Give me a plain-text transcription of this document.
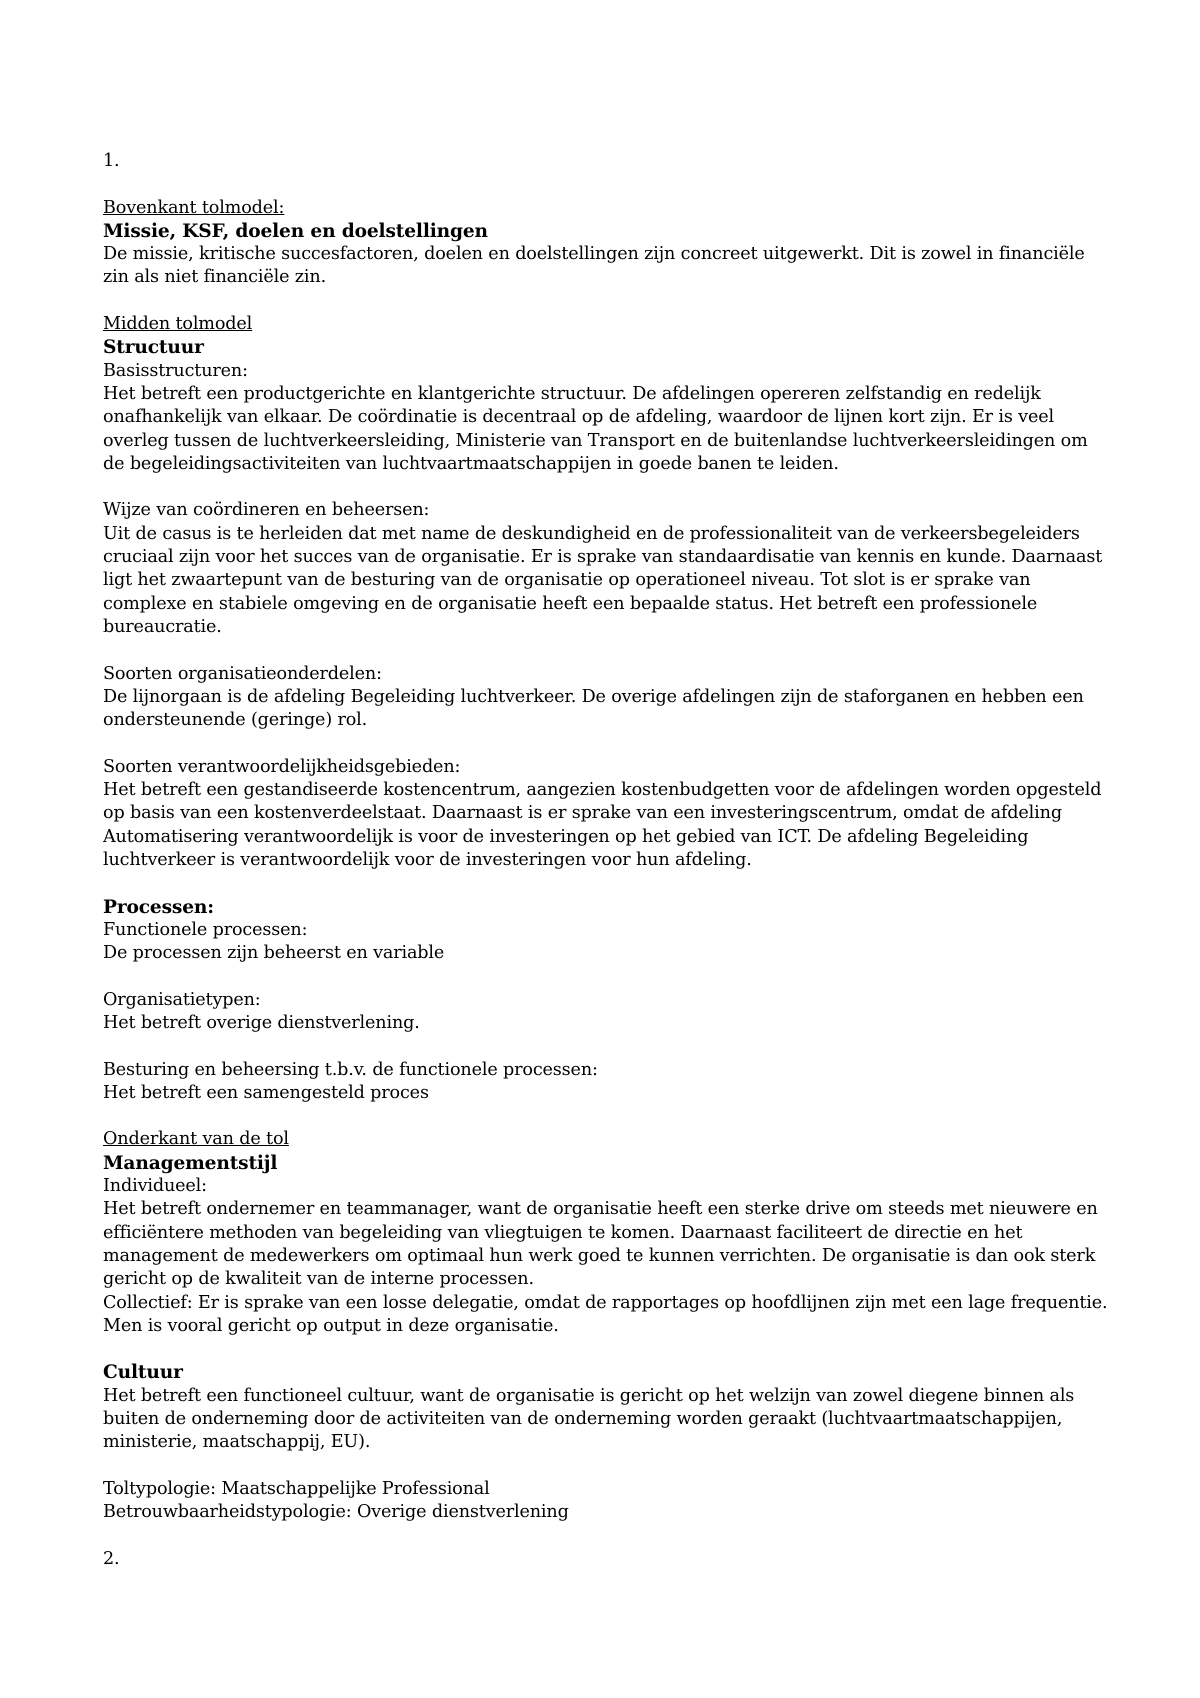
1.

Bovenkant tolmodel:

Missie, KSF, doelen en doelstellingen

De missie, kritische succesfactoren, doelen en doelstellingen zijn concreet uitgewerkt. Dit is zowel in financiële zin als niet financiële zin.

Midden tolmodel

Structuur

Basisstructuren:

Het betreft een productgerichte en klantgerichte structuur. De afdelingen opereren zelfstandig en redelijk onafhankelijk van elkaar. De coördinatie is decentraal op de afdeling, waardoor de lijnen kort zijn. Er is veel overleg tussen de luchtverkeersleiding, Ministerie van Transport en de buitenlandse luchtverkeersleidingen om de begeleidingsactiviteiten van luchtvaartmaatschappijen in goede banen te leiden.

Wijze van coördineren en beheersen:

Uit de casus is te herleiden dat met name de deskundigheid en de professionaliteit van de verkeersbegeleiders cruciaal zijn voor het succes van de organisatie. Er is sprake van standaardisatie van kennis en kunde. Daarnaast ligt het zwaartepunt van de besturing van de organisatie op operationeel niveau. Tot slot is er sprake van complexe en stabiele omgeving en de organisatie heeft een bepaalde status. Het betreft een professionele bureaucratie.

Soorten organisatieonderdelen:

De lijnorgaan is de afdeling Begeleiding luchtverkeer. De overige afdelingen zijn de staforganen en hebben een ondersteunende (geringe) rol.

Soorten verantwoordelijkheidsgebieden:

Het betreft een gestandiseerde kostencentrum, aangezien kostenbudgetten voor de afdelingen worden opgesteld op basis van een kostenverdeelstaat. Daarnaast is er sprake van een investeringscentrum, omdat de afdeling Automatisering verantwoordelijk is voor de investeringen op het gebied van ICT. De afdeling Begeleiding luchtverkeer is verantwoordelijk voor de investeringen voor hun afdeling.

Processen:

Functionele processen:

De processen zijn beheerst en variable

Organisatietypen:

Het betreft overige dienstverlening.

Besturing en beheersing t.b.v. de functionele processen:

Het betreft een samengesteld proces

Onderkant van de tol

Managementstijl

Individueel:

Het betreft ondernemer en teammanager, want de organisatie heeft een sterke drive om steeds met nieuwere en efficiëntere methoden van begeleiding van vliegtuigen te komen. Daarnaast faciliteert de directie en het management de medewerkers om optimaal hun werk goed te kunnen verrichten. De organisatie is dan ook sterk gericht op de kwaliteit van de interne processen.

Collectief: Er is sprake van een losse delegatie, omdat de rapportages op hoofdlijnen zijn met een lage frequentie. Men is vooral gericht op output in deze organisatie.

Cultuur

Het betreft een functioneel cultuur, want de organisatie is gericht op het welzijn van zowel diegene binnen als buiten de onderneming door de activiteiten van de onderneming worden geraakt (luchtvaartmaatschappijen, ministerie, maatschappij, EU).

Toltypologie: Maatschappelijke Professional

Betrouwbaarheidstypologie: Overige dienstverlening

2.
